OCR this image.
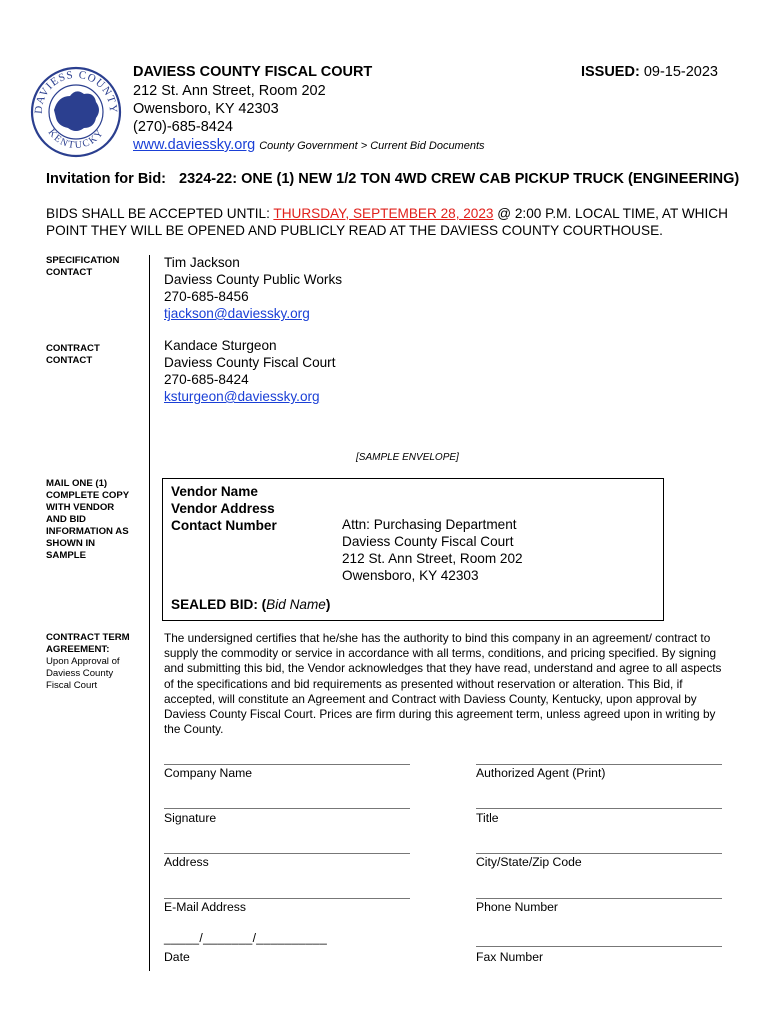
DAVIESS COUNTY
KENTUCKY
DAVIESS COUNTY FISCAL COURT	ISSUED: 09-15-2023
212 St. Ann Street, Room 202
Owensboro, KY 42303
(270)-685-8424
www.daviessky.org County Government > Current Bid Documents
Invitation for Bid: 2324-22: ONE (1) NEW 1/2 TON 4WD CREW CAB PICKUP TRUCK (ENGINEERING)
BIDS SHALL BE ACCEPTED UNTIL: THURSDAY, SEPTEMBER 28, 2023 @ 2:00 P.M. LOCAL TIME, AT WHICH POINT THEY WILL BE OPENED AND PUBLICLY READ AT THE DAVIESS COUNTY COURTHOUSE.
SPECIFICATION
CONTACT
Tim Jackson
Daviess County Public Works
270-685-8456
tjackson@daviessky.org
CONTRACT
CONTACT
Kandace Sturgeon
Daviess County Fiscal Court
270-685-8424
ksturgeon@daviessky.org
[SAMPLE ENVELOPE]
MAIL ONE (1)
COMPLETE COPY
WITH VENDOR
AND BID
INFORMATION AS
SHOWN IN
SAMPLE
Vendor Name
Vendor Address
Contact Number	Attn: Purchasing Department
Daviess County Fiscal Court
212 St. Ann Street, Room 202
Owensboro, KY 42303
SEALED BID: (Bid Name)
CONTRACT TERM
AGREEMENT:
Upon Approval of
Daviess County
Fiscal Court
The undersigned certifies that he/she has the authority to bind this company in an agreement/ contract to supply the commodity or service in accordance with all terms, conditions, and pricing specified. By signing and submitting this bid, the Vendor acknowledges that they have read, understand and agree to all aspects of the specifications and bid requirements as presented without reservation or alteration. This Bid, if accepted, will constitute an Agreement and Contract with Daviess County, Kentucky, upon approval by Daviess County Fiscal Court. Prices are firm during this agreement term, unless agreed upon in writing by the County.
Company Name
Signature
Address
E-Mail Address
_____/_______/__________
Date
Authorized Agent (Print)
Title
City/State/Zip Code
Phone Number
Fax Number
